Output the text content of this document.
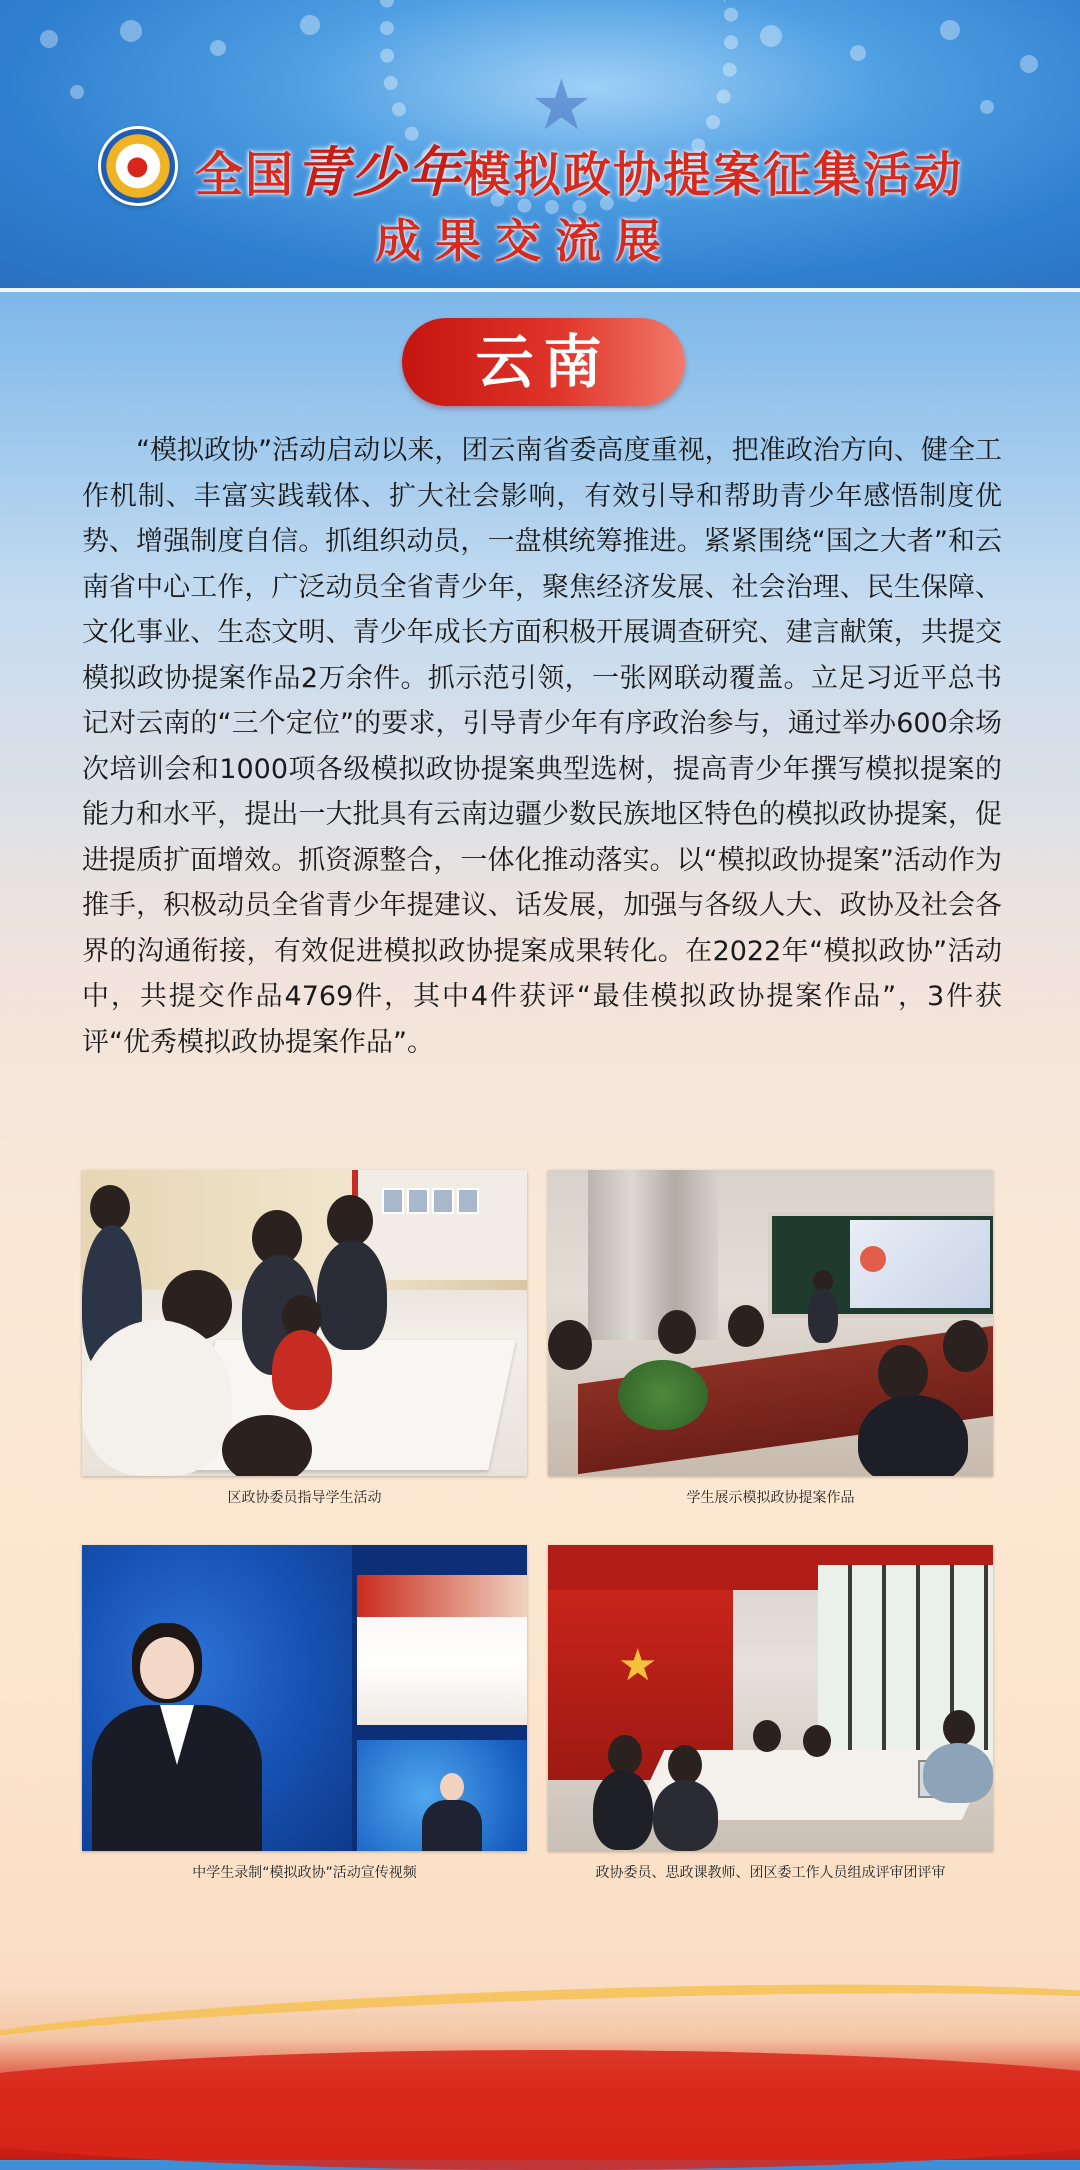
★
● 全国青少年模拟政协提案征集活动
成果交流展
云南

“模拟政协”活动启动以来，团云南省委高度重视，把准政治方向、健全工作机制、丰富实践载体、扩大社会影响，有效引导和帮助青少年感悟制度优势、增强制度自信。抓组织动员，一盘棋统筹推进。紧紧围绕“国之大者”和云南省中心工作，广泛动员全省青少年，聚焦经济发展、社会治理、民生保障、文化事业、生态文明、青少年成长方面积极开展调查研究、建言献策，共提交模拟政协提案作品2万余件。抓示范引领，一张网联动覆盖。立足习近平总书记对云南的“三个定位”的要求，引导青少年有序政治参与，通过举办600余场次培训会和1000项各级模拟政协提案典型选树，提高青少年撰写模拟提案的能力和水平，提出一大批具有云南边疆少数民族地区特色的模拟政协提案，促进提质扩面增效。抓资源整合，一体化推动落实。以“模拟政协提案”活动作为推手，积极动员全省青少年提建议、话发展，加强与各级人大、政协及社会各界的沟通衔接，有效促进模拟政协提案成果转化。在2022年“模拟政协”活动中，共提交作品4769件，其中4件获评“最佳模拟政协提案作品”，3件获评“优秀模拟政协提案作品”。

区政协委员指导学生活动	学生展示模拟政协提案作品
中学生录制“模拟政协”活动宣传视频
★
政协委员、思政课教师、团区委工作人员组成评审团评审
